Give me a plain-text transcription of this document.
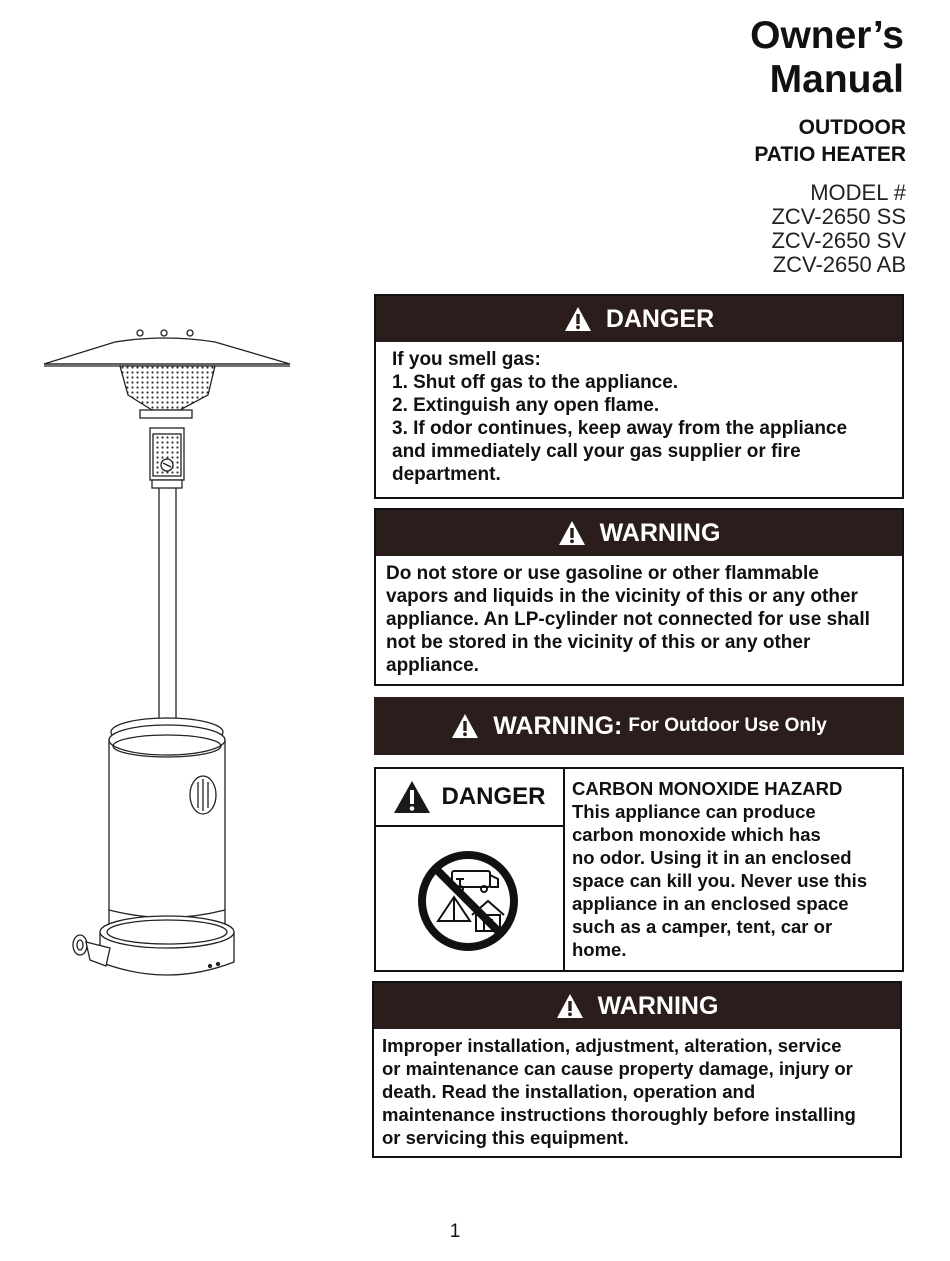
Owner’s
Manual
OUTDOOR
PATIO HEATER
MODEL #
ZCV-2650 SS
ZCV-2650 SV
ZCV-2650 AB
DANGER
If you smell gas:
1. Shut off gas to the appliance.
2. Extinguish any open flame.
3. If odor continues, keep away from the appliance
and immediately call your gas supplier or fire
department.
WARNING
Do not store or use gasoline or other flammable
vapors and liquids in the vicinity of this or any other
appliance. An LP-cylinder not connected for use shall
not be stored in the vicinity of this or any other
appliance.
WARNING: For Outdoor Use Only
DANGER CARBON MONOXIDE HAZARD
This appliance can produce
carbon monoxide which has
no odor. Using it in an enclosed
space can kill you. Never use this
appliance in an enclosed space
such as a camper, tent, car or
home.
WARNING
Improper installation, adjustment, alteration, service
or maintenance can cause property damage, injury or
death. Read the installation, operation and
maintenance instructions thoroughly before installing
or servicing this equipment.
1
